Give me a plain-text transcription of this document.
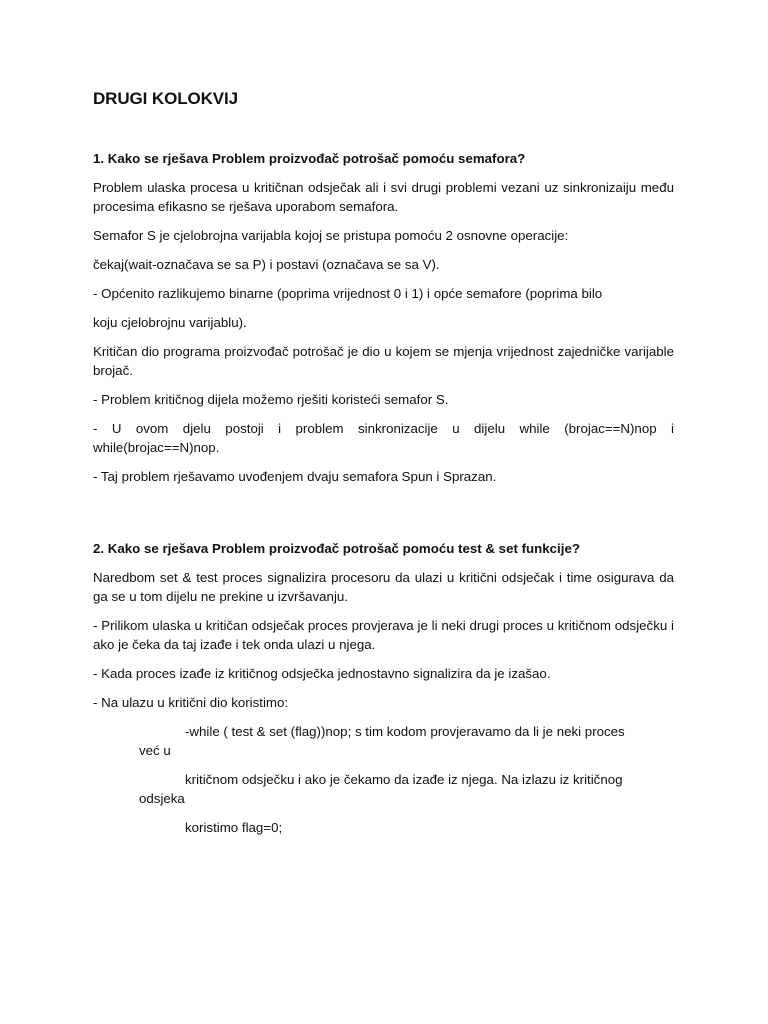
DRUGI KOLOKVIJ
1. Kako se rješava Problem proizvođač potrošač pomoću semafora?

Problem ulaska procesa u kritičnan odsječak ali i svi drugi problemi vezani uz sinkronizaiju među procesima efikasno se rješava uporabom semafora.

Semafor S je cjelobrojna varijabla kojoj se pristupa pomoću 2 osnovne operacije:

čekaj(wait-označava se sa P) i postavi (označava se sa V).

- Općenito razlikujemo binarne (poprima vrijednost 0 i 1) i opće semafore (poprima bilo

koju cjelobrojnu varijablu).

Kritičan dio programa proizvođač potrošač je dio u kojem se mjenja vrijednost zajedničke varijable brojač.

- Problem kritičnog dijela možemo rješiti koristeći semafor S.

- U ovom djelu postoji i problem sinkronizacije u dijelu while (brojac==N)nop i while(brojac==N)nop.

- Taj problem rješavamo uvođenjem dvaju semafora Spun i Sprazan.

2. Kako se rješava Problem proizvođač potrošač pomoću test & set funkcije?

Naredbom set & test proces signalizira procesoru da ulazi u kritični odsječak i time osigurava da ga se u tom dijelu ne prekine u izvršavanju.

- Prilikom ulaska u kritičan odsječak proces provjerava je li neki drugi proces u kritičnom odsječku i ako je čeka da taj izađe i tek onda ulazi u njega.

- Kada proces izađe iz kritičnog odsječka jednostavno signalizira da je izašao.

- Na ulazu u kritični dio koristimo:

-while ( test & set (flag))nop; s tim kodom provjeravamo da li je neki proces
već u
kritičnom odsječku i ako je čekamo da izađe iz njega. Na izlazu iz kritičnog
odsjeka
koristimo flag=0;
